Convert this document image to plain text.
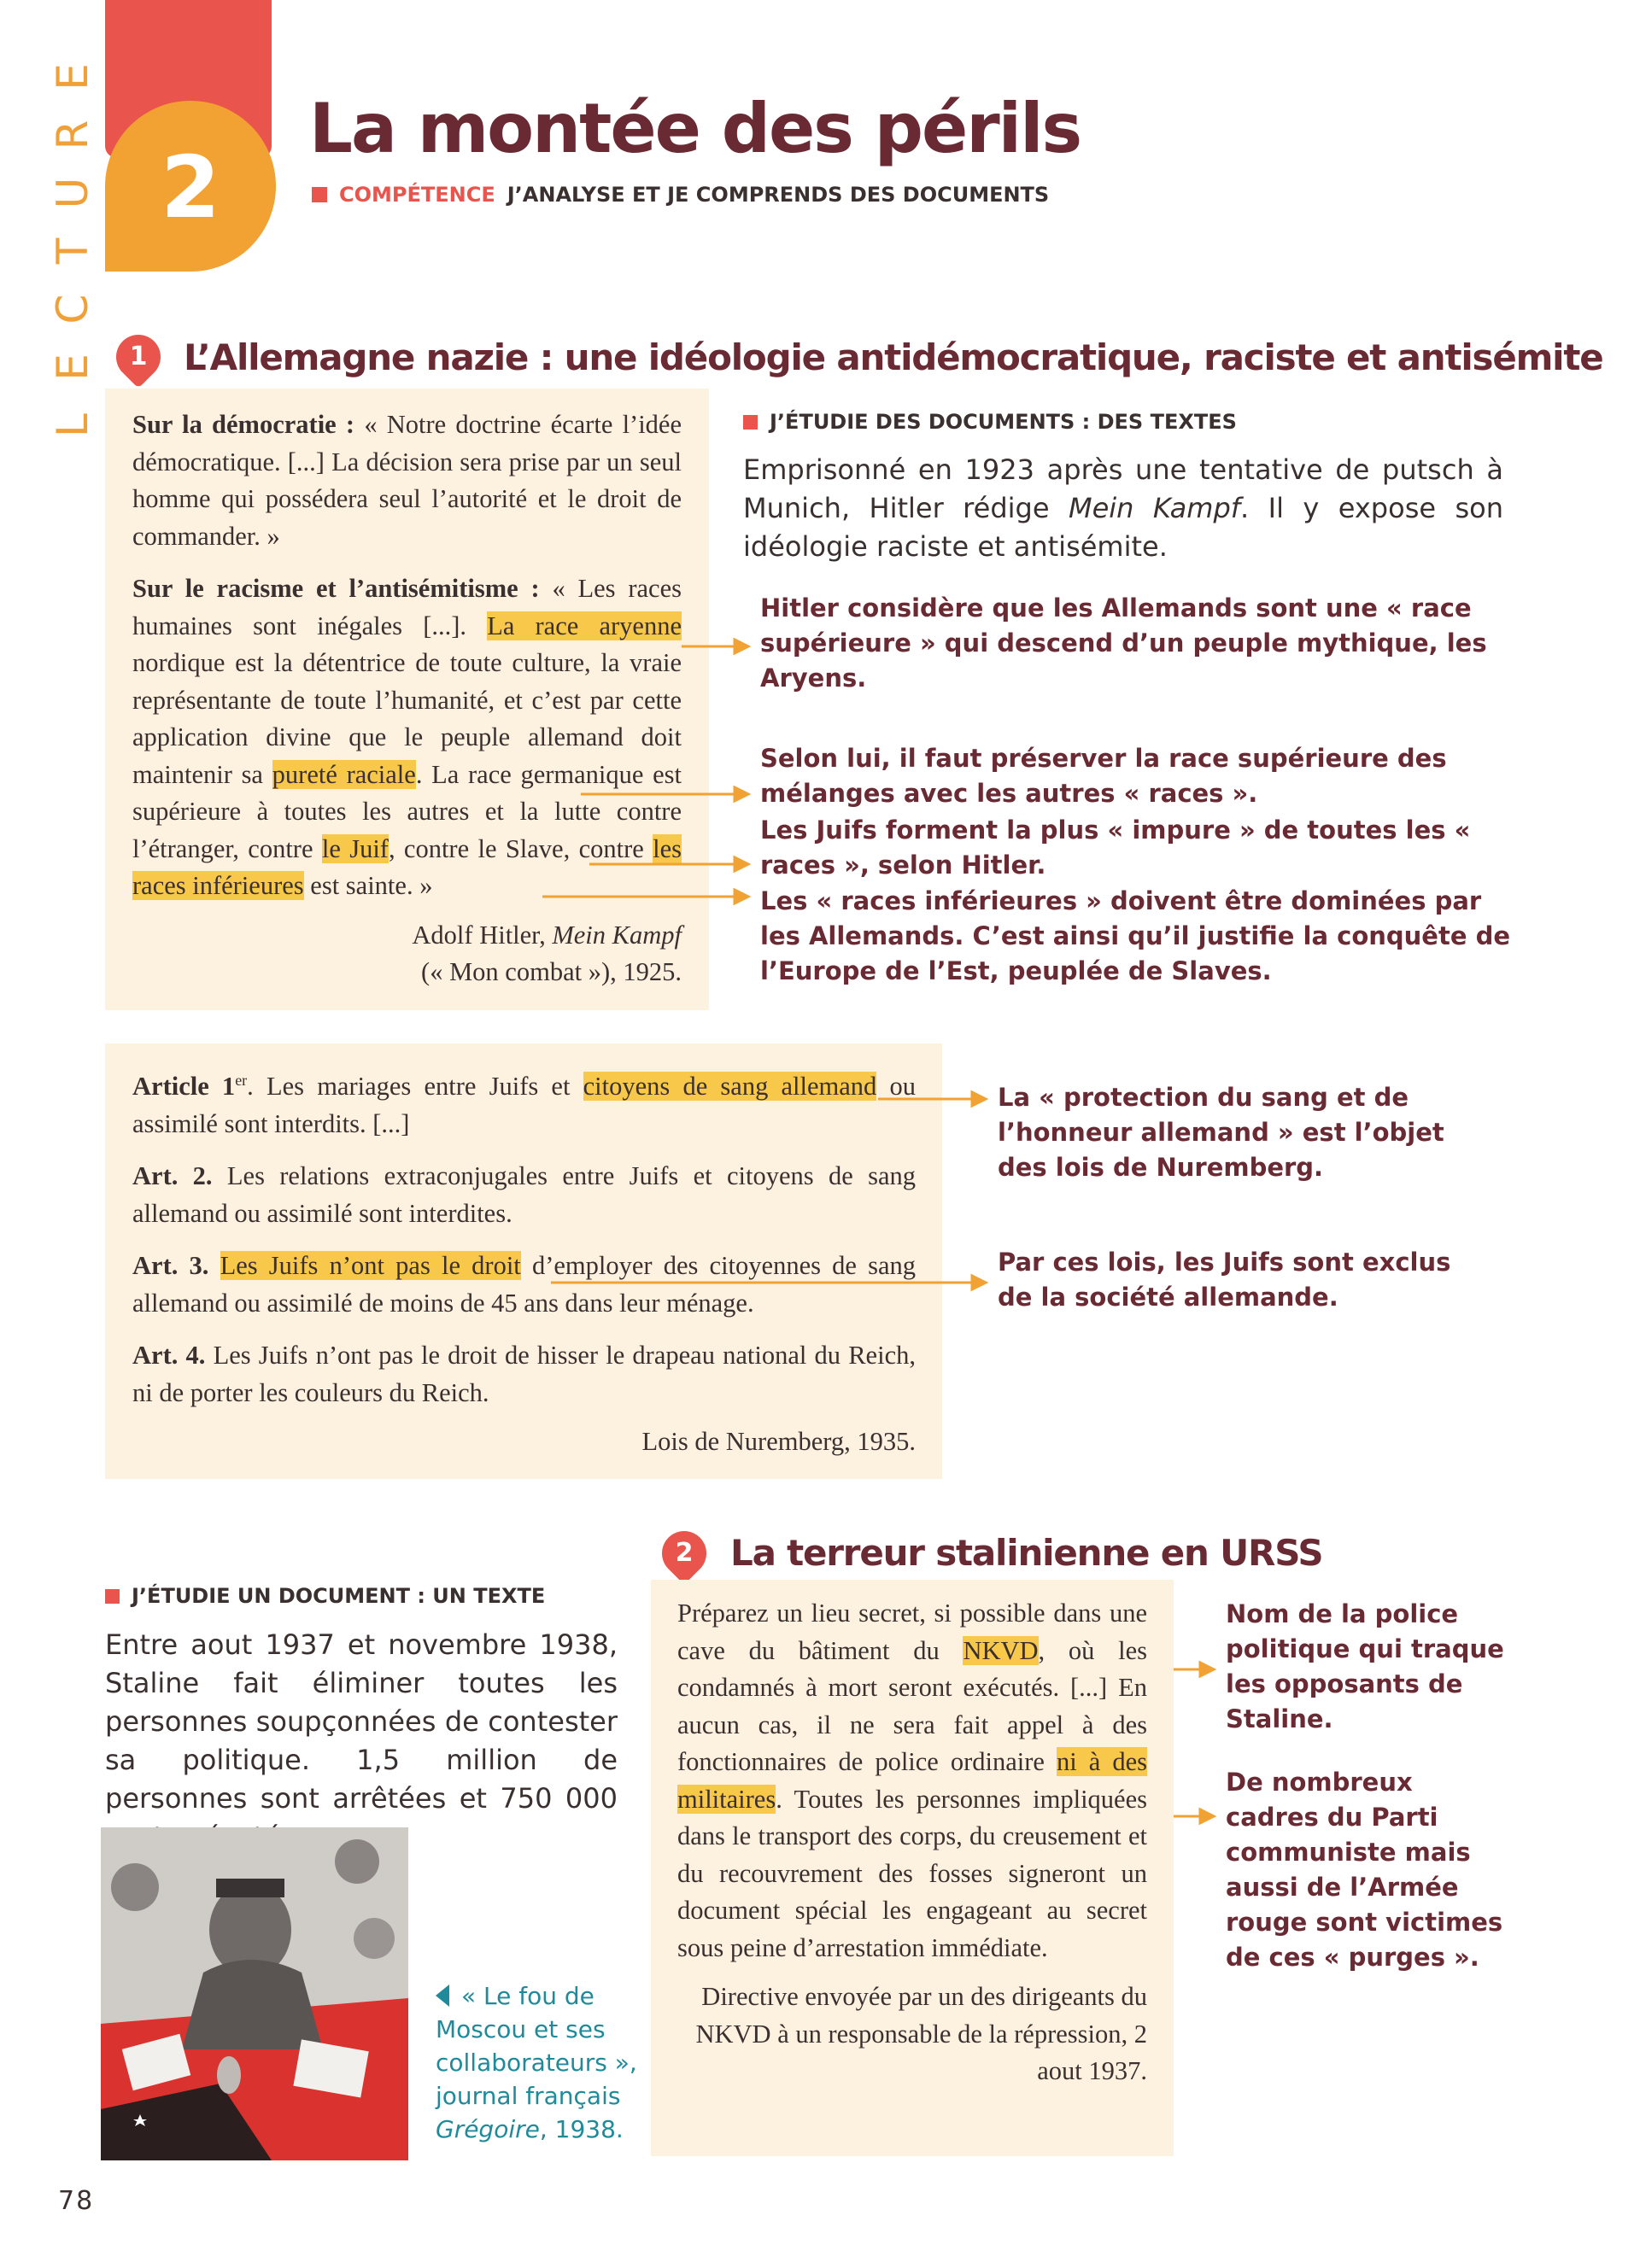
E
R
U
T
C
E
L
2
La montée des périls
COMPÉTENCE J’ANALYSE ET JE COMPRENDS DES DOCUMENTS
1	L’Allemagne nazie : une idéologie antidémocratique, raciste et antisémite
Sur la démocratie : « Notre doctrine écarte l’idée démocratique. [...] La décision sera prise par un seul homme qui possédera seul l’autorité et le droit de commander. »
Sur le racisme et l’antisémitisme : « Les races humaines sont inégales [...]. La race aryenne nordique est la détentrice de toute culture, la vraie représentante de toute l’humanité, et c’est par cette application divine que le peuple allemand doit maintenir sa pureté raciale. La race germanique est supérieure à toutes les autres et la lutte contre l’étranger, contre le Juif, contre le Slave, contre les races inférieures est sainte. »
Adolf Hitler, Mein Kampf
(« Mon combat »), 1925.
J’ÉTUDIE DES DOCUMENTS : DES TEXTES
Emprisonné en 1923 après une tentative de putsch à Munich, Hitler rédige Mein Kampf. Il y expose son idéologie raciste et antisémite.
Hitler considère que les Allemands sont une « race supérieure » qui descend d’un peuple mythique, les Aryens.
Selon lui, il faut préserver la race supérieure des mélanges avec les autres « races ».
Les Juifs forment la plus « impure » de toutes les « races », selon Hitler.
Les « races inférieures » doivent être dominées par les Allemands. C’est ainsi qu’il justifie la conquête de l’Europe de l’Est, peuplée de Slaves.
Article 1er. Les mariages entre Juifs et citoyens de sang allemand ou assimilé sont interdits. [...]
Art. 2. Les relations extraconjugales entre Juifs et citoyens de sang allemand ou assimilé sont interdites.
Art. 3. Les Juifs n’ont pas le droit d’employer des citoyennes de sang allemand ou assimilé de moins de 45 ans dans leur ménage.
Art. 4. Les Juifs n’ont pas le droit de hisser le drapeau national du Reich, ni de porter les couleurs du Reich.
Lois de Nuremberg, 1935.
La « protection du sang et de l’honneur allemand » est l’objet des lois de Nuremberg.
Par ces lois, les Juifs sont exclus de la société allemande.
J’ÉTUDIE UN DOCUMENT : UN TEXTE
Entre aout 1937 et novembre 1938, Staline fait éliminer toutes les personnes soupçonnées de contester sa politique. 1,5 million de personnes sont arrêtées et 750 000
« Le fou de Moscou et ses collaborateurs », journal français Grégoire, 1938.
2	La terreur stalinienne en URSS
Préparez un lieu secret, si possible dans une cave du bâtiment du NKVD, où les condamnés à mort seront exécutés. [...] En aucun cas, il ne sera fait appel à des fonctionnaires de police ordinaire ni à des militaires. Toutes les personnes impliquées dans le transport des corps, du creusement et du recouvrement des fosses signeront un document spécial les engageant au secret sous peine d’arrestation immédiate.
Directive envoyée par un des dirigeants du NKVD à un responsable de la répression, 2 aout 1937.
Nom de la police politique qui traque les opposants de Staline.
De nombreux cadres du Parti communiste mais aussi de l’Armée rouge sont victimes de ces « purges ».
78
